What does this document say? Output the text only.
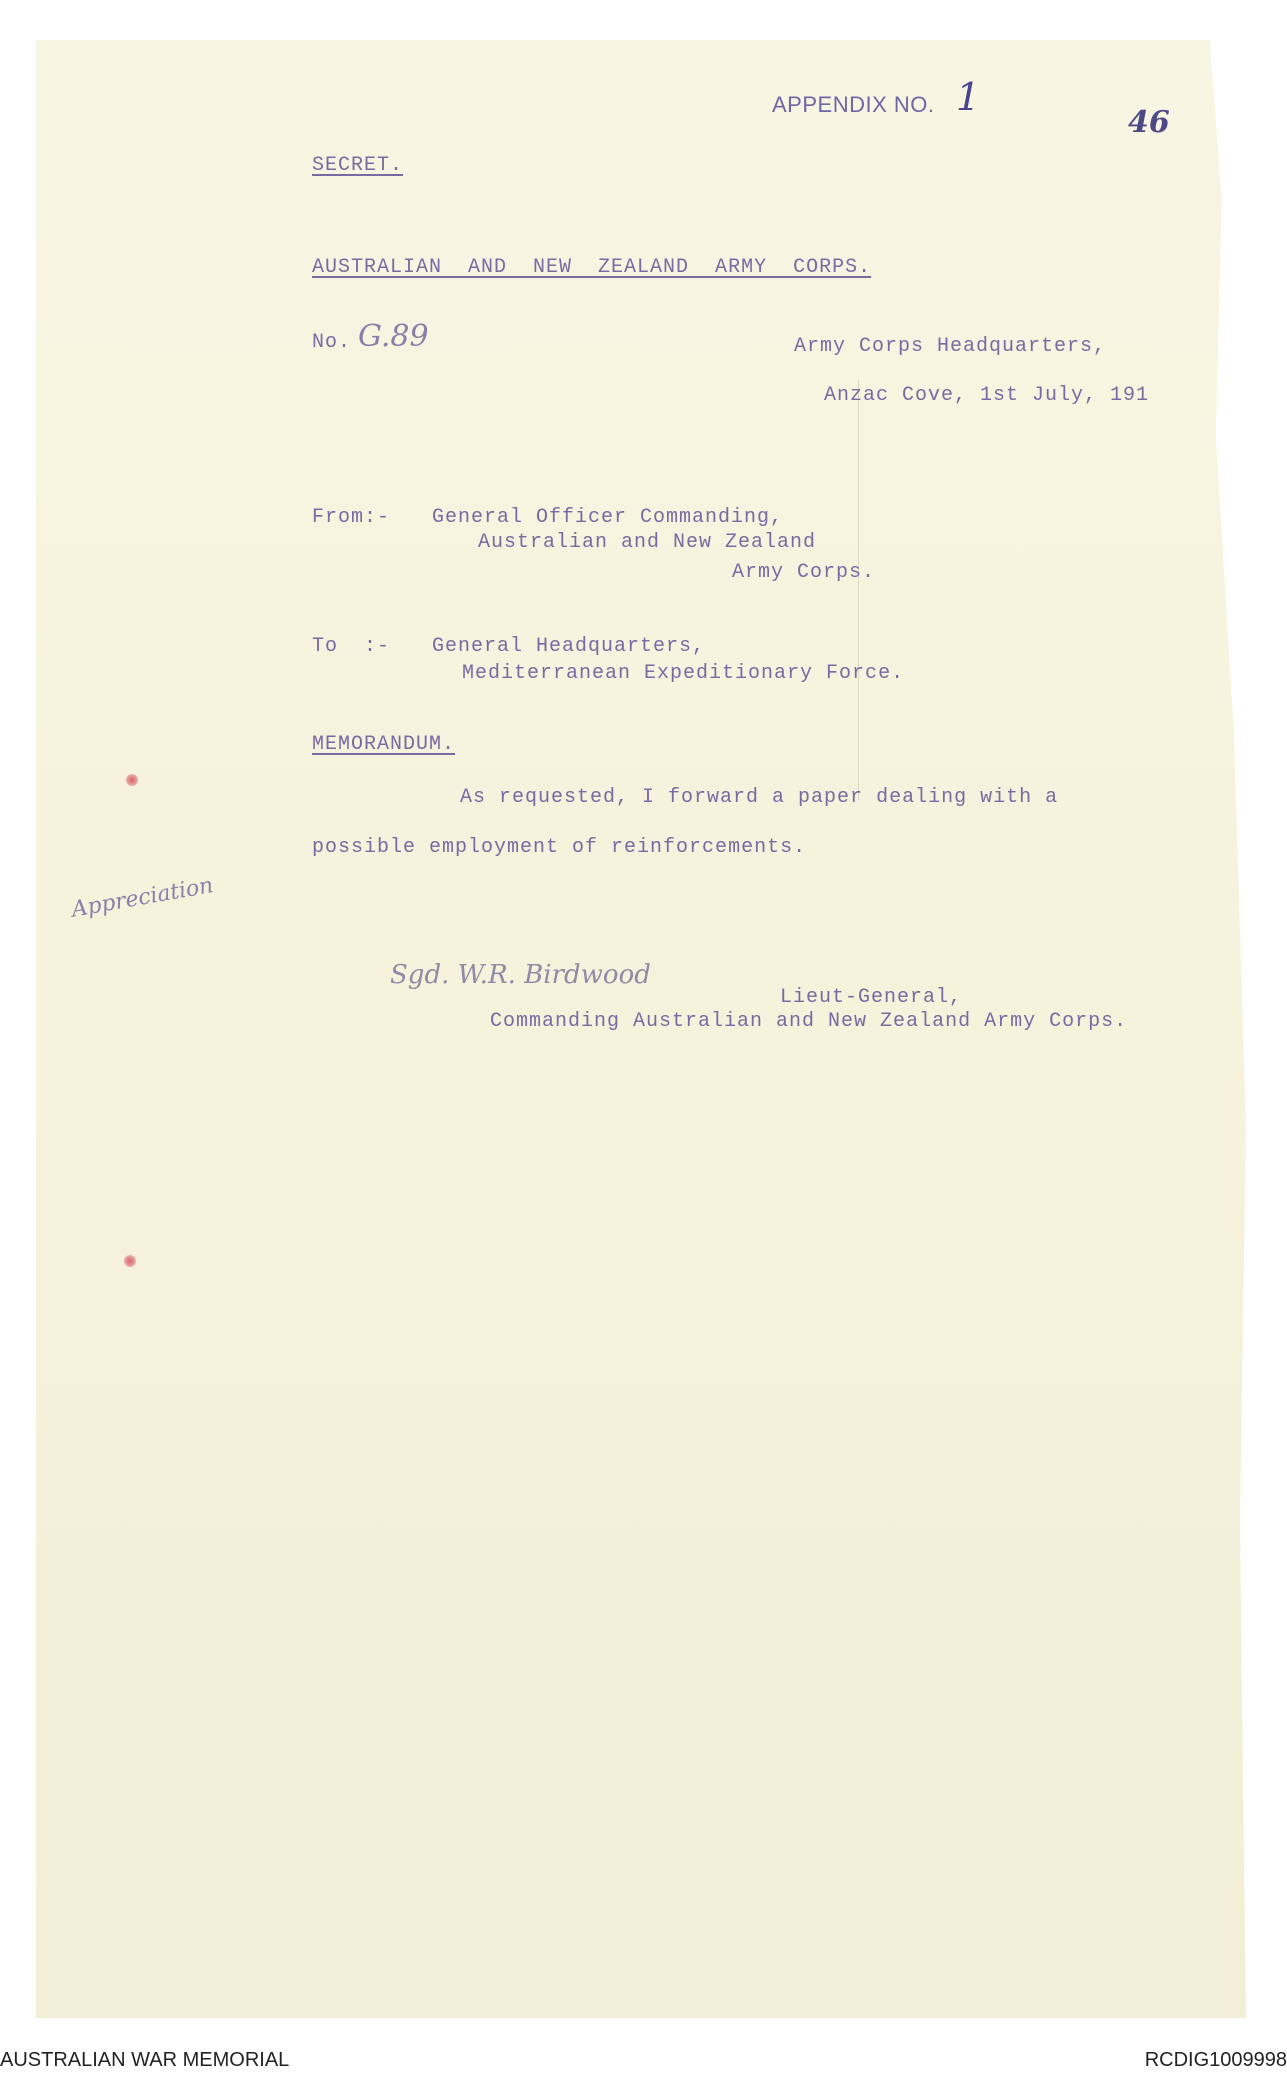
APPENDIX NO. 1
46
SECRET.
AUSTRALIAN  AND  NEW  ZEALAND  ARMY  CORPS.
No. G.89	Army Corps Headquarters,
Anzac Cove, 1st July, 191
From:- General Officer Commanding,
Australian and New Zealand
Army Corps.
To  :- General Headquarters,
Mediterranean Expeditionary Force.
MEMORANDUM.
As requested, I forward a paper dealing with a
possible employment of reinforcements.
Appreciation
Sgd. W.R. Birdwood
Lieut-General,
Commanding Australian and New Zealand Army Corps.
AUSTRALIAN WAR MEMORIAL	RCDIG1009998
